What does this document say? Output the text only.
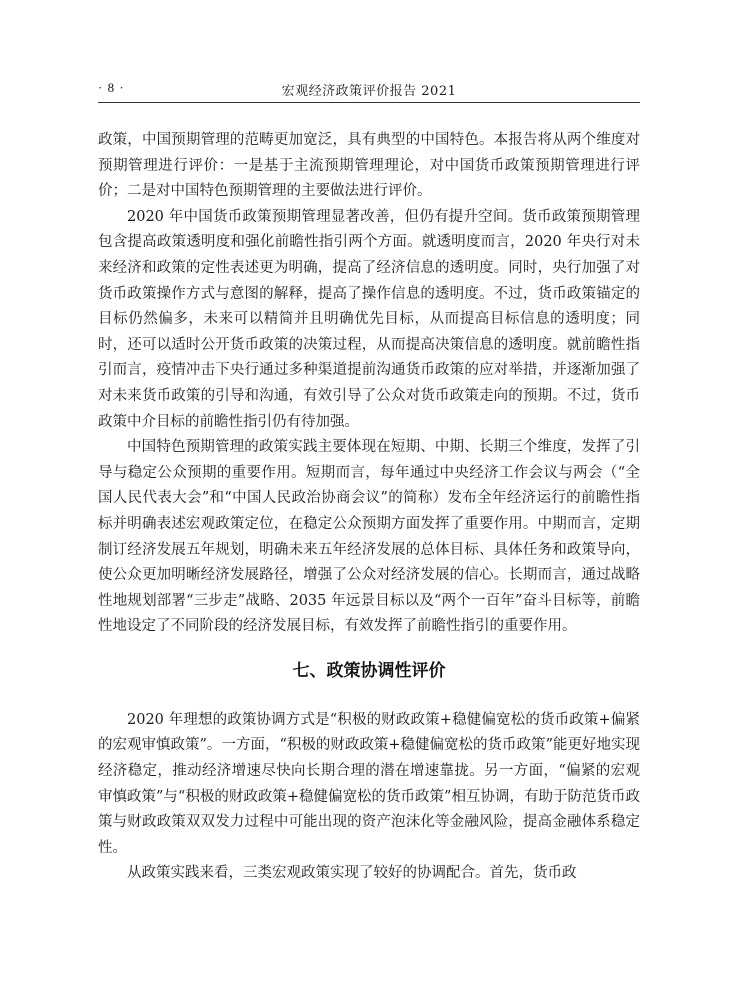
· 8 ·	宏观经济政策评价报告 2021

政策，中国预期管理的范畴更加宽泛，具有典型的中国特色。本报告将从两个维度对预期管理进行评价：一是基于主流预期管理理论，对中国货币政策预期管理进行评价；二是对中国特色预期管理的主要做法进行评价。

2020 年中国货币政策预期管理显著改善，但仍有提升空间。货币政策预期管理包含提高政策透明度和强化前瞻性指引两个方面。就透明度而言，2020 年央行对未来经济和政策的定性表述更为明确，提高了经济信息的透明度。同时，央行加强了对货币政策操作方式与意图的解释，提高了操作信息的透明度。不过，货币政策锚定的目标仍然偏多，未来可以精简并且明确优先目标，从而提高目标信息的透明度；同时，还可以适时公开货币政策的决策过程，从而提高决策信息的透明度。就前瞻性指引而言，疫情冲击下央行通过多种渠道提前沟通货币政策的应对举措，并逐渐加强了对未来货币政策的引导和沟通，有效引导了公众对货币政策走向的预期。不过，货币政策中介目标的前瞻性指引仍有待加强。

中国特色预期管理的政策实践主要体现在短期、中期、长期三个维度，发挥了引导与稳定公众预期的重要作用。短期而言，每年通过中央经济工作会议与两会（“全国人民代表大会”和“中国人民政治协商会议”的简称）发布全年经济运行的前瞻性指标并明确表述宏观政策定位，在稳定公众预期方面发挥了重要作用。中期而言，定期制订经济发展五年规划，明确未来五年经济发展的总体目标、具体任务和政策导向，使公众更加明晰经济发展路径，增强了公众对经济发展的信心。长期而言，通过战略性地规划部署“三步走”战略、2035 年远景目标以及“两个一百年”奋斗目标等，前瞻性地设定了不同阶段的经济发展目标，有效发挥了前瞻性指引的重要作用。

七、政策协调性评价

2020 年理想的政策协调方式是“积极的财政政策+稳健偏宽松的货币政策+偏紧的宏观审慎政策”。一方面，“积极的财政政策+稳健偏宽松的货币政策”能更好地实现经济稳定，推动经济增速尽快向长期合理的潜在增速靠拢。另一方面，“偏紧的宏观审慎政策”与“积极的财政政策+稳健偏宽松的货币政策”相互协调，有助于防范货币政策与财政政策双双发力过程中可能出现的资产泡沫化等金融风险，提高金融体系稳定性。

从政策实践来看，三类宏观政策实现了较好的协调配合。首先，货币政
